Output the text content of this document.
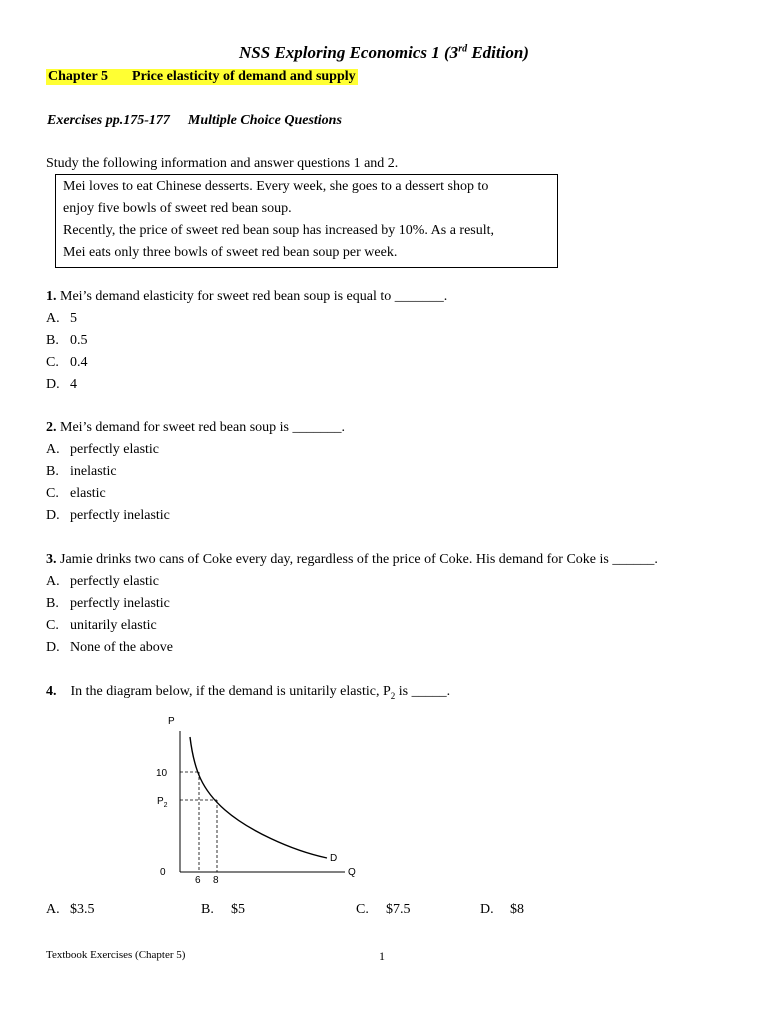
NSS Exploring Economics 1 (3rd Edition)
Chapter 5 Price elasticity of demand and supply
Exercises pp.175-177 Multiple Choice Questions
Study the following information and answer questions 1 and 2.
Mei loves to eat Chinese desserts. Every week, she goes to a dessert shop to
enjoy five bowls of sweet red bean soup.
Recently, the price of sweet red bean soup has increased by 10%. As a result,
Mei eats only three bowls of sweet red bean soup per week.
1. Mei’s demand elasticity for sweet red bean soup is equal to _______.
A. 5
B. 0.5
C. 0.4
D. 4
2. Mei’s demand for sweet red bean soup is _______.
A. perfectly elastic
B. inelastic
C. elastic
D. perfectly inelastic
3. Jamie drinks two cans of Coke every day, regardless of the price of Coke. His demand for Coke is ______.
A. perfectly elastic
B. perfectly inelastic
C. unitarily elastic
D. None of the above
4. In the diagram below, if the demand is unitarily elastic, $P_2$ is _____.
P
10
$P_2$
0
6 8
Q
D
A. $3.5	B. $5	C. $7.5	D. $8
Textbook Exercises (Chapter 5)	1
